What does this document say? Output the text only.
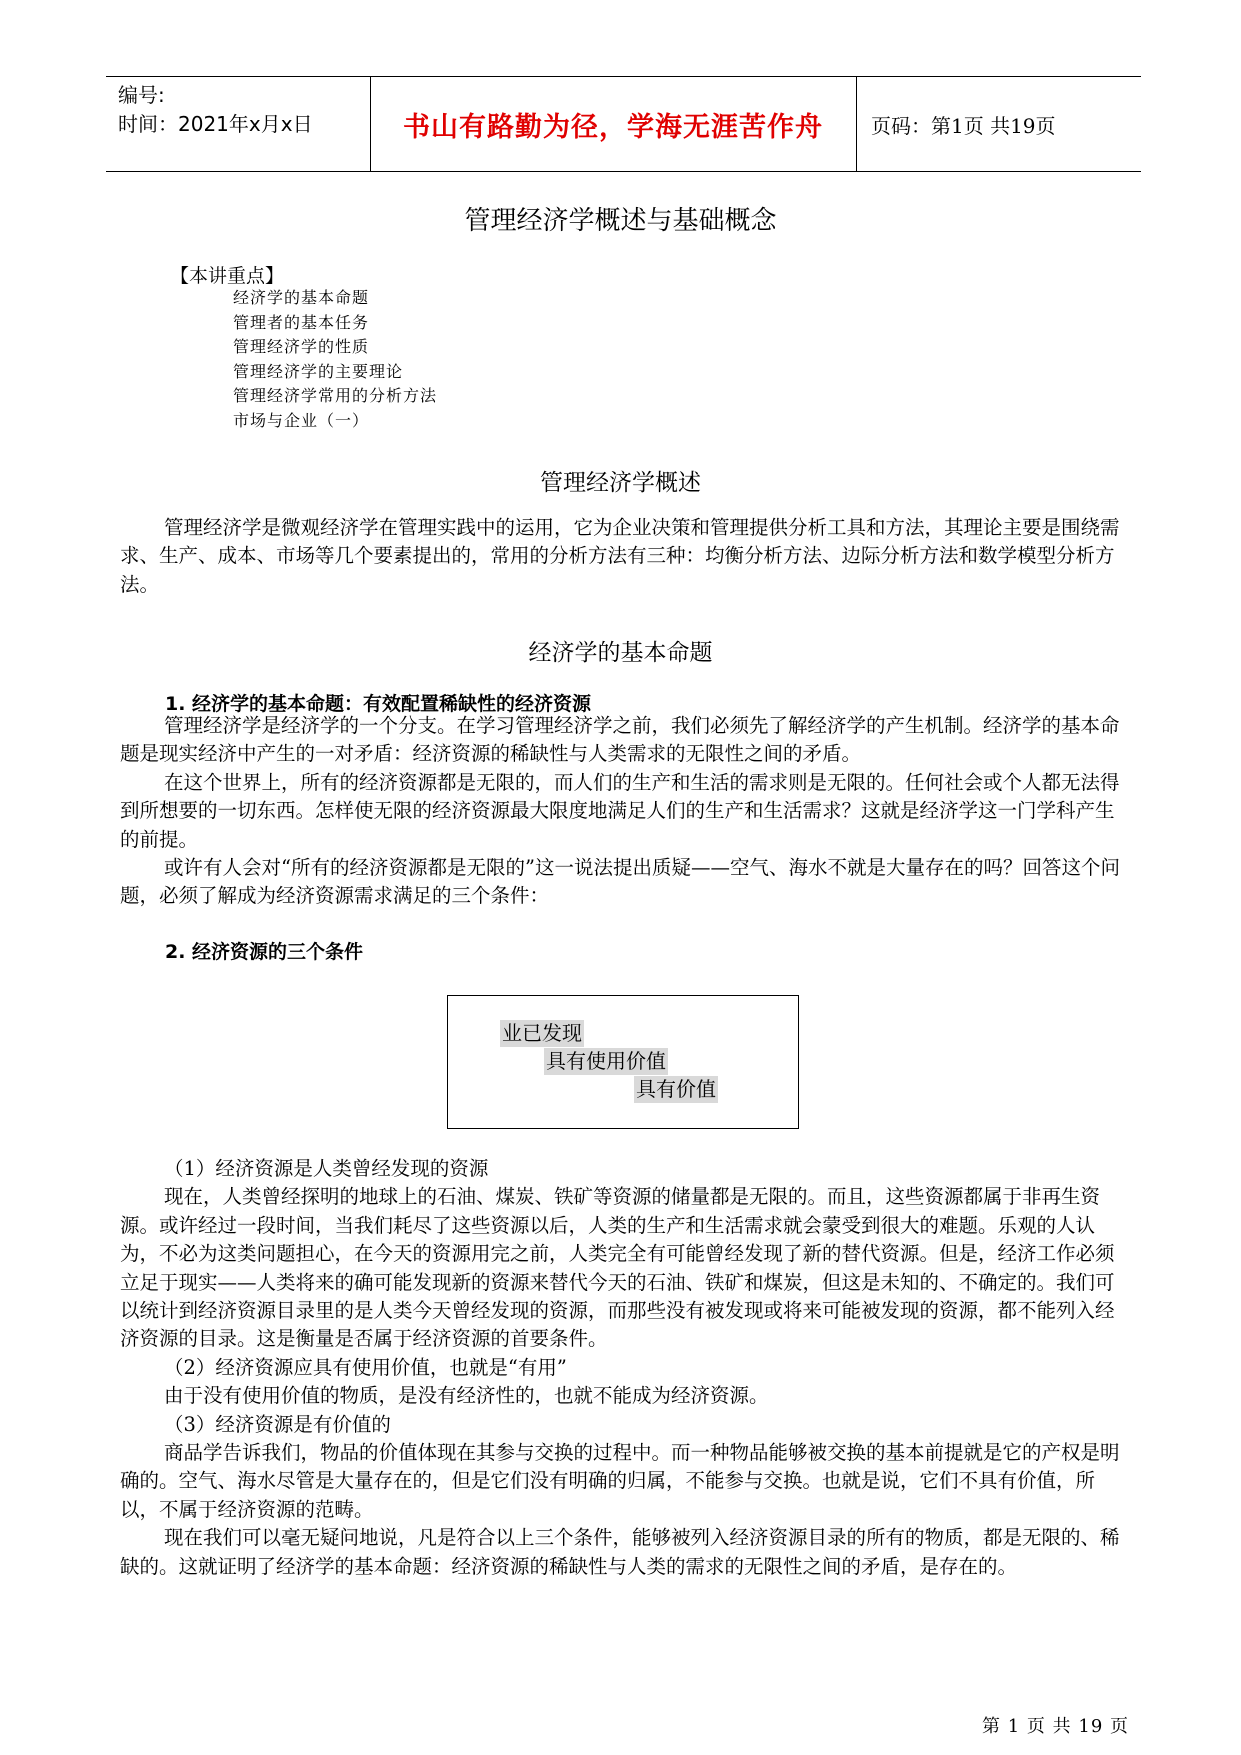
编号:
时间：2021年x月x日	书山有路勤为径，学海无涯苦作舟 页码：第1页 共19页
管理经济学概述与基础概念
【本讲重点】
经济学的基本命题
管理者的基本任务
管理经济学的性质
管理经济学的主要理论
管理经济学常用的分析方法
市场与企业（一）
管理经济学概述

管理经济学是微观经济学在管理实践中的运用，它为企业决策和管理提供分析工具和方法，其理论主要是围绕需求、生产、成本、市场等几个要素提出的，常用的分析方法有三种：均衡分析方法、边际分析方法和数学模型分析方法。

经济学的基本命题
1. 经济学的基本命题：有效配置稀缺性的经济资源

管理经济学是经济学的一个分支。在学习管理经济学之前，我们必须先了解经济学的产生机制。经济学的基本命题是现实经济中产生的一对矛盾：经济资源的稀缺性与人类需求的无限性之间的矛盾。

在这个世界上，所有的经济资源都是无限的，而人们的生产和生活的需求则是无限的。任何社会或个人都无法得到所想要的一切东西。怎样使无限的经济资源最大限度地满足人们的生产和生活需求？这就是经济学这一门学科产生的前提。

或许有人会对“所有的经济资源都是无限的”这一说法提出质疑——空气、海水不就是大量存在的吗？回答这个问题，必须了解成为经济资源需求满足的三个条件：

2. 经济资源的三个条件
业已发现
具有使用价值
具有价值

（1）经济资源是人类曾经发现的资源

现在，人类曾经探明的地球上的石油、煤炭、铁矿等资源的储量都是无限的。而且，这些资源都属于非再生资源。或许经过一段时间，当我们耗尽了这些资源以后，人类的生产和生活需求就会蒙受到很大的难题。乐观的人认为，不必为这类问题担心，在今天的资源用完之前，人类完全有可能曾经发现了新的替代资源。但是，经济工作必须立足于现实——人类将来的确可能发现新的资源来替代今天的石油、铁矿和煤炭，但这是未知的、不确定的。我们可以统计到经济资源目录里的是人类今天曾经发现的资源，而那些没有被发现或将来可能被发现的资源，都不能列入经济资源的目录。这是衡量是否属于经济资源的首要条件。

（2）经济资源应具有使用价值，也就是“有用”

由于没有使用价值的物质，是没有经济性的，也就不能成为经济资源。

（3）经济资源是有价值的

商品学告诉我们，物品的价值体现在其参与交换的过程中。而一种物品能够被交换的基本前提就是它的产权是明确的。空气、海水尽管是大量存在的，但是它们没有明确的归属，不能参与交换。也就是说，它们不具有价值，所以，不属于经济资源的范畴。

现在我们可以毫无疑问地说，凡是符合以上三个条件，能够被列入经济资源目录的所有的物质，都是无限的、稀缺的。这就证明了经济学的基本命题：经济资源的稀缺性与人类的需求的无限性之间的矛盾，是存在的。

第 1 页 共 19 页
